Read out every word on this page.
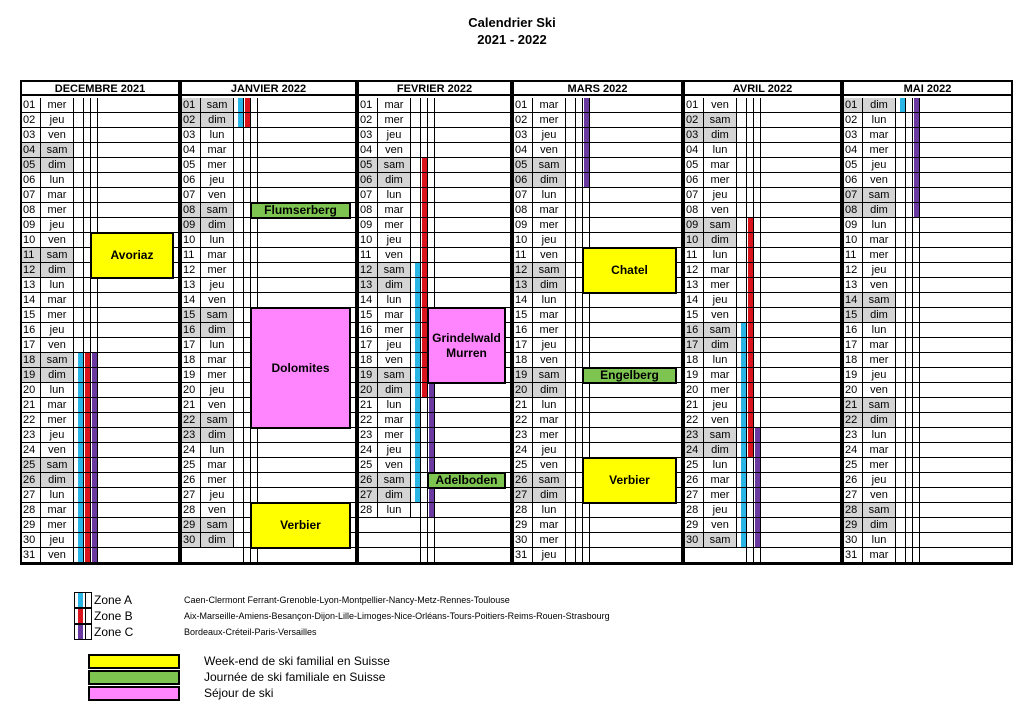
Calendrier Ski
2021 - 2022
DECEMBRE 2021
01	mer
02	jeu
03	ven
04	sam
05	dim
06	lun
07	mar
08	mer
09	jeu
10	ven
11	sam
12	dim
13	lun
14	mar
15	mer
16	jeu
17	ven
18	sam
19	dim
20	lun
21	mar
22	mer
23	jeu
24	ven
25	sam
26	dim
27	lun
28	mar
29	mer
30	jeu
31	ven
JANVIER 2022
01	sam
02	dim
03	lun
04	mar
05	mer
06	jeu
07	ven
08	sam
09	dim
10	lun
11	mar
12	mer
13	jeu
14	ven
15	sam
16	dim
17	lun
18	mar
19	mer
20	jeu
21	ven
22	sam
23	dim
24	lun
25	mar
26	mer
27	jeu
28	ven
29	sam
30	dim
FEVRIER 2022
01	mar
02	mer
03	jeu
04	ven
05	sam
06	dim
07	lun
08	mar
09	mer
10	jeu
11	ven
12	sam
13	dim
14	lun
15	mar
16	mer
17	jeu
18	ven
19	sam
20	dim
21	lun
22	mar
23	mer
24	jeu
25	ven
26	sam
27	dim
28	lun
MARS 2022
01	mar
02	mer
03	jeu
04	ven
05	sam
06	dim
07	lun
08	mar
09	mer
10	jeu
11	ven
12	sam
13	dim
14	lun
15	mar
16	mer
17	jeu
18	ven
19	sam
20	dim
21	lun
22	mar
23	mer
24	jeu
25	ven
26	sam
27	dim
28	lun
29	mar
30	mer
31	jeu
AVRIL 2022
01	ven
02	sam
03	dim
04	lun
05	mar
06	mer
07	jeu
08	ven
09	sam
10	dim
11	lun
12	mar
13	mer
14	jeu
15	ven
16	sam
17	dim
18	lun
19	mar
20	mer
21	jeu
22	ven
23	sam
24	dim
25	lun
26	mar
27	mer
28	jeu
29	ven
30	sam
MAI 2022
01	dim
02	lun
03	mar
04	mer
05	jeu
06	ven
07	sam
08	dim
09	lun
10	mar
11	mer
12	jeu
13	ven
14	sam
15	dim
16	lun
17	mar
18	mer
19	jeu
20	ven
21	sam
22	dim
23	lun
24	mar
25	mer
26	jeu
27	ven
28	sam
29	dim
30	lun
31	mar
Avoriaz
Flumserberg
Dolomites
Verbier
Grindelwald
Murren
Adelboden
Chatel
Engelberg
Verbier
Zone A	Caen-Clermont Ferrant-Grenoble-Lyon-Montpellier-Nancy-Metz-Rennes-Toulouse
Zone B	Aix-Marseille-Amiens-Besançon-Dijon-Lille-Limoges-Nice-Orléans-Tours-Poitiers-Reims-Rouen-Strasbourg
Zone C	Bordeaux-Créteil-Paris-Versailles
Week-end de ski familial en Suisse
Journée de ski familiale en Suisse
Séjour de ski
